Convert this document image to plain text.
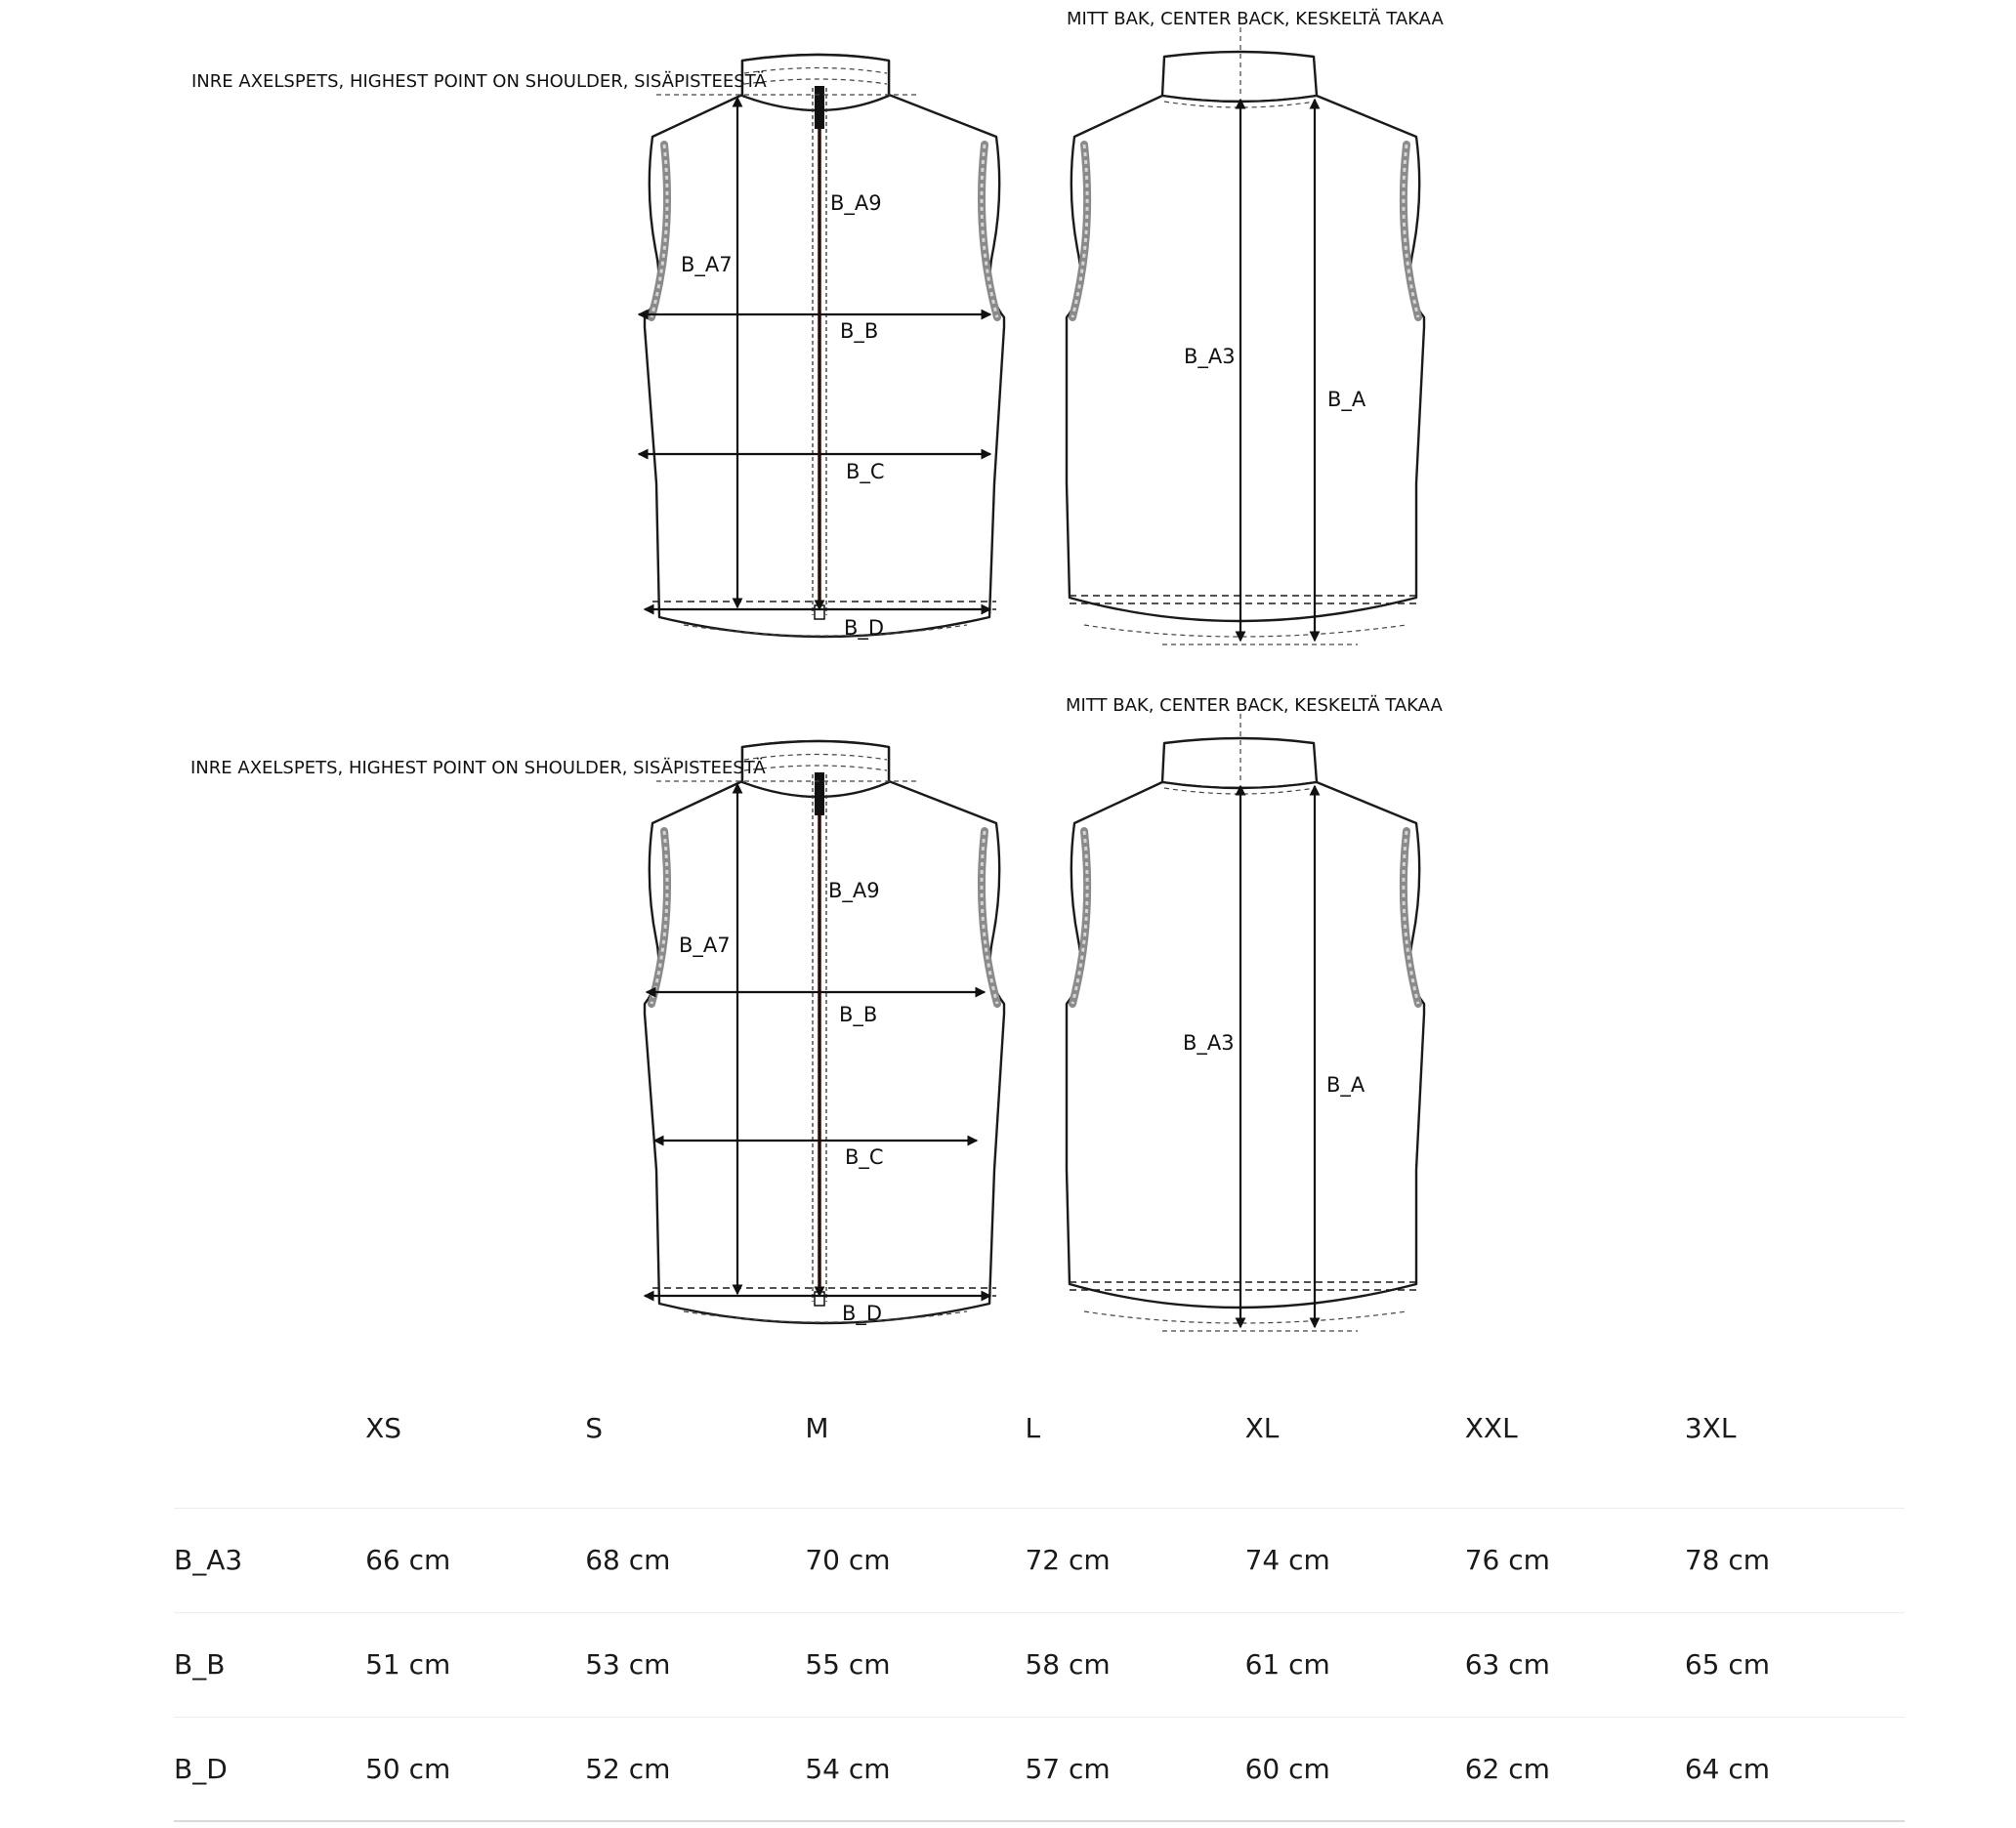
INRE AXELSPETS, HIGHEST POINT ON SHOULDER, SISÄPISTEESTÄ
MITT BAK, CENTER BACK, KESKELTÄ TAKAA
B_A9
B_A7
B_B
B_C
B_D
B_A3
B_A
INRE AXELSPETS, HIGHEST POINT ON SHOULDER, SISÄPISTEESTÄ
MITT BAK, CENTER BACK, KESKELTÄ TAKAA
B_A9
B_A7
B_B
B_C
B_D
B_A3
B_A
	XS	S	M	L	XL	XXL	3XL
B_A3	66 cm	68 cm	70 cm	72 cm	74 cm	76 cm	78 cm
B_B	51 cm	53 cm	55 cm	58 cm	61 cm	63 cm	65 cm
B_D	50 cm	52 cm	54 cm	57 cm	60 cm	62 cm	64 cm
